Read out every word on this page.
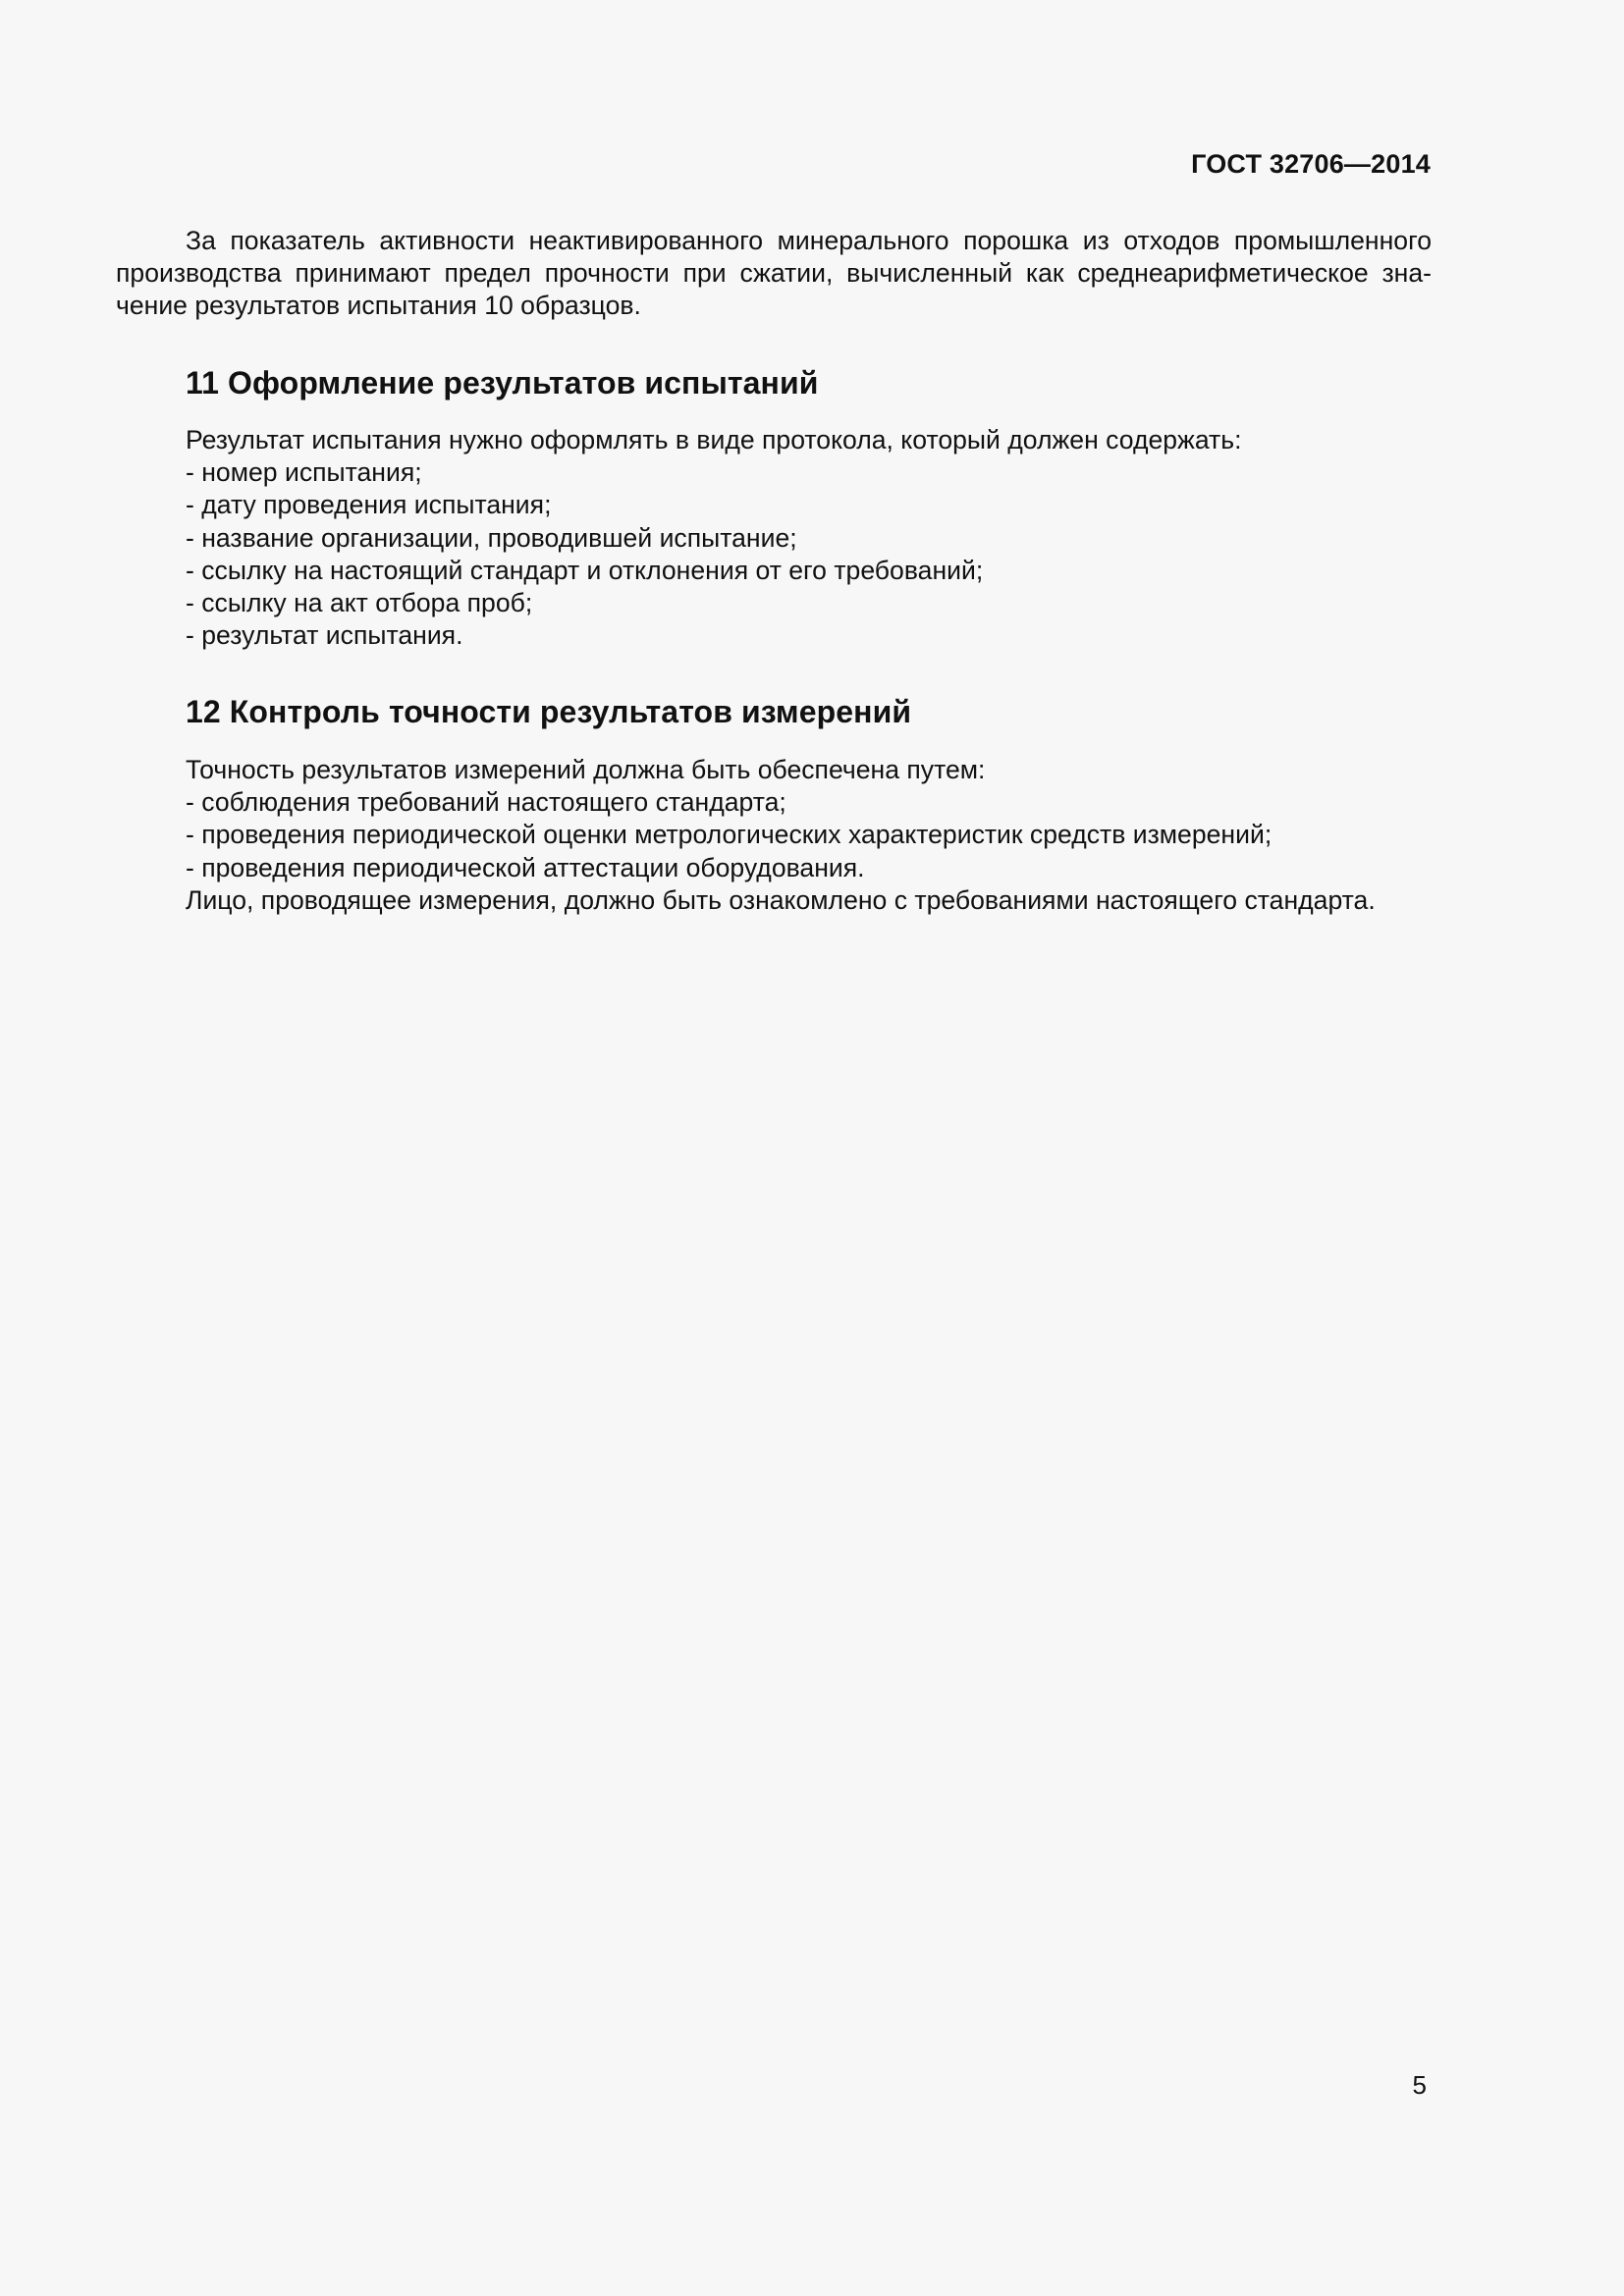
ГОСТ 32706—2014
За показатель активности неактивированного минерального порошка из отходов промышленного
производства принимают предел прочности при сжатии, вычисленный как среднеарифметическое зна-
чение результатов испытания 10 образцов.
11 Оформление результатов испытаний
Результат испытания нужно оформлять в виде протокола, который должен содержать:
- номер испытания;
- дату проведения испытания;
- название организации, проводившей испытание;
- ссылку на настоящий стандарт и отклонения от его требований;
- ссылку на акт отбора проб;
- результат испытания.
12 Контроль точности результатов измерений
Точность результатов измерений должна быть обеспечена путем:
- соблюдения требований настоящего стандарта;
- проведения периодической оценки метрологических характеристик средств измерений;
- проведения периодической аттестации оборудования.
Лицо, проводящее измерения, должно быть ознакомлено с требованиями настоящего стандарта.
5
